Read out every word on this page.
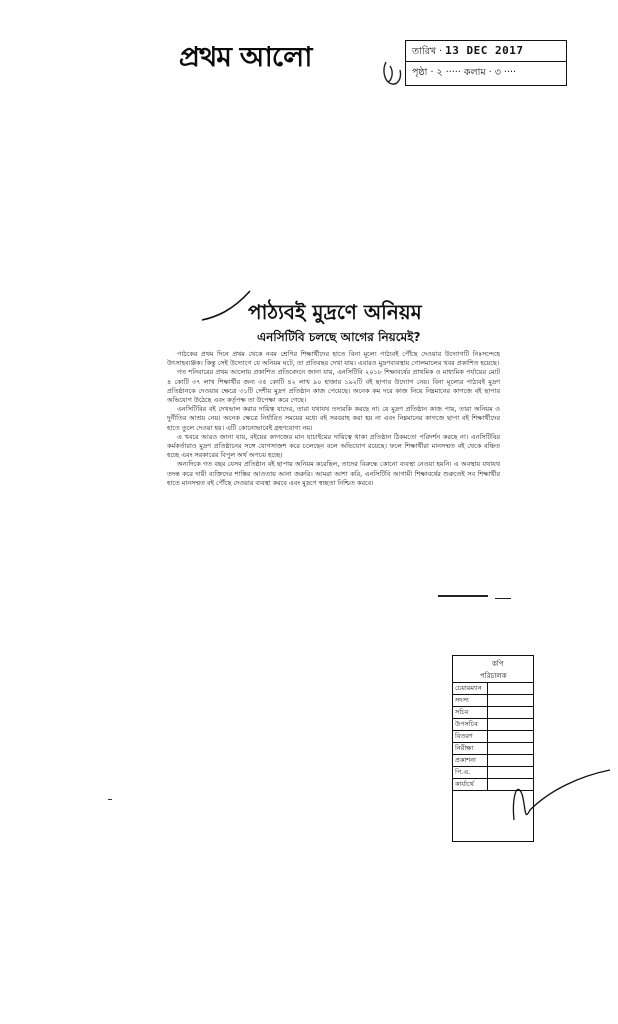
প্রথম আলো	তারিখ · 13 DEC 2017
পৃষ্ঠা · ২ ····· কলাম · ৩ ····
পাঠ্যবই মুদ্রণে অনিয়ম
এনসিটিবি চলছে আগের নিয়মেই?

পাঠকের প্রথম দিনে প্রথম থেকে নবম শ্রেণির শিক্ষার্থীদের হাতে বিনা মূল্যে পাঠ্যবই পৌঁছে দেওয়ার উদ্যোগটি নিঃসন্দেহে উৎসাহব্যঞ্জক। কিন্তু সেই উদ্যোগে যে অনিয়ম ঘটে, তা প্রতিবছর দেখা যায়। এবারও মুদ্রণব্যবস্থায় গোলমালের খবর প্রকাশিত হয়েছে।

গত শনিবারের প্রথম আলোয় প্রকাশিত প্রতিবেদনে জানা যায়, এনসিটিবি ২০১৮ শিক্ষাবর্ষের প্রাথমিক ও মাধ্যমিক পর্যায়ের মোট ৪ কোটি ৩৭ লাখ শিক্ষার্থীর জন্য ৩৫ কোটি ৪২ লাখ ৯০ হাজার ১৯২টি বই ছাপার উদ্যোগ নেয়। বিনা মূল্যের পাঠ্যবই মুদ্রণ প্রতিষ্ঠানকে দেওয়ার ক্ষেত্রে ৩১টি দেশীয় মুদ্রণ প্রতিষ্ঠান কাজ পেয়েছে। অনেক কম দরে কাজ নিয়ে নিম্নমানের কাগজে বই ছাপার অভিযোগ উঠেছে এবং কর্তৃপক্ষ তা উপেক্ষা করে গেছে।

এনসিটিবির বই দেখভাল করার দায়িত্ব যাদের, তারা যথাযথ তদারকি করছে না। যে মুদ্রণ প্রতিষ্ঠান কাজ পায়, তারা অনিয়ম ও দুর্নীতির আশ্রয় নেয়। অনেক ক্ষেত্রে নির্ধারিত সময়ের মধ্যে বই সরবরাহ করা হয় না এবং নিম্নমানের কাগজে ছাপা বই শিক্ষার্থীদের হাতে তুলে দেওয়া হয়। এটি কোনোভাবেই গ্রহণযোগ্য নয়।

এ খবরে আরও জানা যায়, বইয়ের কাগজের মান যাচাইয়ের দায়িত্বে থাকা প্রতিষ্ঠান ঠিকমতো পরিদর্শন করছে না। এনসিটিবির কর্মকর্তারাও মুদ্রণ প্রতিষ্ঠানের সঙ্গে যোগসাজশ করে চলেছেন বলে অভিযোগ রয়েছে। ফলে শিক্ষার্থীরা মানসম্মত বই থেকে বঞ্চিত হচ্ছে এবং সরকারের বিপুল অর্থ অপচয় হচ্ছে।

অন্যদিকে গত বছর যেসব প্রতিষ্ঠান বই ছাপায় অনিয়ম করেছিল, তাদের বিরুদ্ধে কোনো ব্যবস্থা নেওয়া হয়নি। এ অবস্থায় যথাযথ তদন্ত করে দায়ী ব্যক্তিদের শাস্তির আওতায় আনা জরুরি। আমরা আশা করি, এনসিটিবি আগামী শিক্ষাবর্ষের শুরুতেই সব শিক্ষার্থীর হাতে মানসম্মত বই পৌঁছে দেওয়ার ব্যবস্থা করবে এবং মুদ্রণে স্বচ্ছতা নিশ্চিত করবে।

কপি
পরিচালক
চেয়ারম্যান	
সদস্য	
সচিব	
উপসচিব	
বিতরণ	
নিরীক্ষা	
প্রকাশনা	
পি.এ.	
কার্যার্থে	
